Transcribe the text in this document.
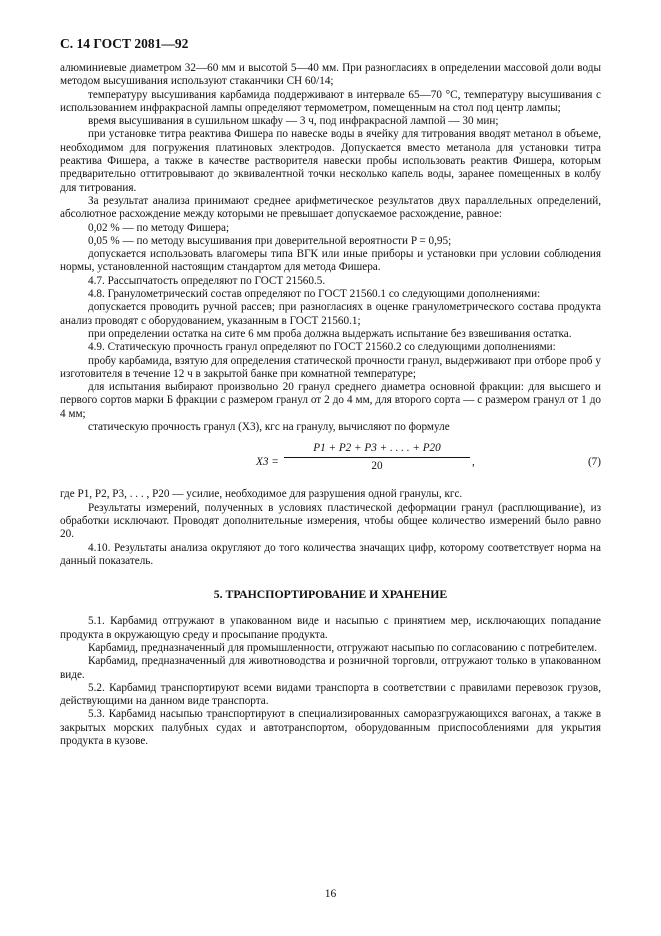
С. 14 ГОСТ 2081—92

алюминиевые диаметром 32—60 мм и высотой 5—40 мм. При разногласиях в определении массовой доли воды методом высушивания используют стаканчики СН 60/14;

температуру высушивания карбамида поддерживают в интервале 65—70 °С, температуру высушивания с использованием инфракрасной лампы определяют термометром, помещенным на стол под центр лампы;

время высушивания в сушильном шкафу — 3 ч, под инфракрасной лампой — 30 мин;

при установке титра реактива Фишера по навеске воды в ячейку для титрования вводят метанол в объеме, необходимом для погружения платиновых электродов. Допускается вместо метанола для установки титра реактива Фишера, а также в качестве растворителя навески пробы использовать реактив Фишера, которым предварительно оттитровывают до эквивалентной точки несколько капель воды, заранее помещенных в колбу для титрования.

За результат анализа принимают среднее арифметическое результатов двух параллельных определений, абсолютное расхождение между которыми не превышает допускаемое расхождение, равное:

0,02 % — по методу Фишера;

0,05 % — по методу высушивания при доверительной вероятности P = 0,95;

допускается использовать влагомеры типа ВГК или иные приборы и установки при условии соблюдения нормы, установленной настоящим стандартом для метода Фишера.

4.7. Рассыпчатость определяют по ГОСТ 21560.5.

4.8. Гранулометрический состав определяют по ГОСТ 21560.1 со следующими дополнениями:

допускается проводить ручной рассев; при разногласиях в оценке гранулометрического состава продукта анализ проводят с оборудованием, указанным в ГОСТ 21560.1;

при определении остатка на сите 6 мм проба должна выдержать испытание без взвешивания остатка.

4.9. Статическую прочность гранул определяют по ГОСТ 21560.2 со следующими дополнениями:

пробу карбамида, взятую для определения статической прочности гранул, выдерживают при отборе проб у изготовителя в течение 12 ч в закрытой банке при комнатной температуре;

для испытания выбирают произвольно 20 гранул среднего диаметра основной фракции: для высшего и первого сортов марки Б фракции с размером гранул от 2 до 4 мм, для второго сорта — с размером гранул от 1 до 4 мм;

статическую прочность гранул (X3), кгс на гранулу, вычисляют по формуле

$X3 = \frac{P1 + P2 + P3 + . . . . + P20}{20}$ ,	(7)

где P1, P2, P3, . . . , P20 — усилие, необходимое для разрушения одной гранулы, кгс.

Результаты измерений, полученных в условиях пластической деформации гранул (расплющивание), из обработки исключают. Проводят дополнительные измерения, чтобы общее количество измерений было равно 20.

4.10. Результаты анализа округляют до того количества значащих цифр, которому соответствует норма на данный показатель.

5. ТРАНСПОРТИРОВАНИЕ И ХРАНЕНИЕ

5.1. Карбамид отгружают в упакованном виде и насыпью с принятием мер, исключающих попадание продукта в окружающую среду и просыпание продукта.

Карбамид, предназначенный для промышленности, отгружают насыпью по согласованию с потребителем.

Карбамид, предназначенный для животноводства и розничной торговли, отгружают только в упакованном виде.

5.2. Карбамид транспортируют всеми видами транспорта в соответствии с правилами перевозок грузов, действующими на данном виде транспорта.

5.3. Карбамид насыпью транспортируют в специализированных саморазгружающихся вагонах, а также в закрытых морских палубных судах и автотранспортом, оборудованным приспособлениями для укрытия продукта в кузове.

16
